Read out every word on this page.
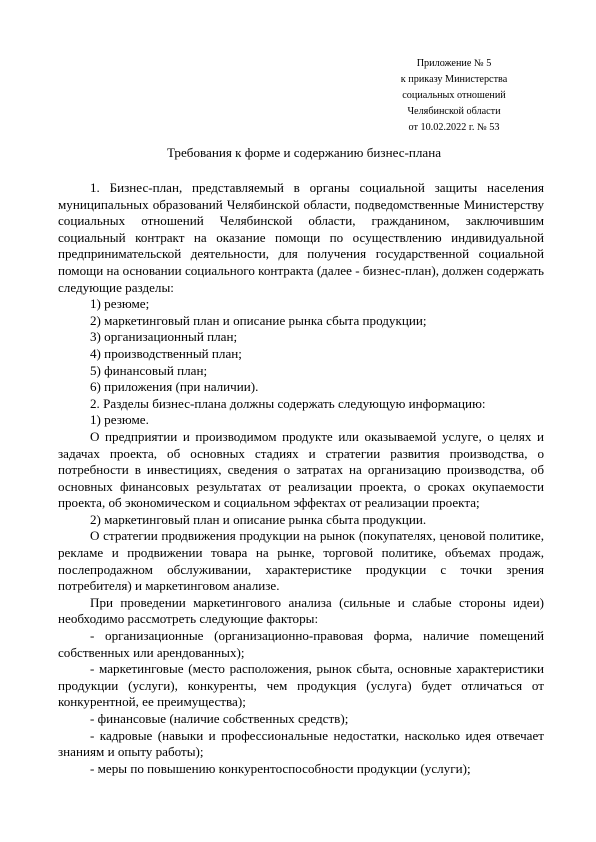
Приложение № 5
к приказу Министерства
социальных отношений
Челябинской области
от 10.02.2022 г. № 53
Требования к форме и содержанию бизнес-плана

1. Бизнес-план, представляемый в органы социальной защиты населения муниципальных образований Челябинской области, подведомственные Министерству социальных отношений Челябинской области, гражданином, заключившим социальный контракт на оказание помощи по осуществлению индивидуальной предпринимательской деятельности, для получения государственной социальной помощи на основании социального контракта (далее - бизнес-план), должен содержать следующие разделы:

1) резюме;

2) маркетинговый план и описание рынка сбыта продукции;

3) организационный план;

4) производственный план;

5) финансовый план;

6) приложения (при наличии).

2. Разделы бизнес-плана должны содержать следующую информацию:

1) резюме.

О предприятии и производимом продукте или оказываемой услуге, о целях и задачах проекта, об основных стадиях и стратегии развития производства, о потребности в инвестициях, сведения о затратах на организацию производства, об основных финансовых результатах от реализации проекта, о сроках окупаемости проекта, об экономическом и социальном эффектах от реализации проекта;

2) маркетинговый план и описание рынка сбыта продукции.

О стратегии продвижения продукции на рынок (покупателях, ценовой политике, рекламе и продвижении товара на рынке, торговой политике, объемах продаж, послепродажном обслуживании, характеристике продукции с точки зрения потребителя) и маркетинговом анализе.

При проведении маркетингового анализа (сильные и слабые стороны идеи) необходимо рассмотреть следующие факторы:

- организационные (организационно-правовая форма, наличие помещений собственных или арендованных);

- маркетинговые (место расположения, рынок сбыта, основные характеристики продукции (услуги), конкуренты, чем продукция (услуга) будет отличаться от конкурентной, ее преимущества);

- финансовые (наличие собственных средств);

- кадровые (навыки и профессиональные недостатки, насколько идея отвечает знаниям и опыту работы);

- меры по повышению конкурентоспособности продукции (услуги);
